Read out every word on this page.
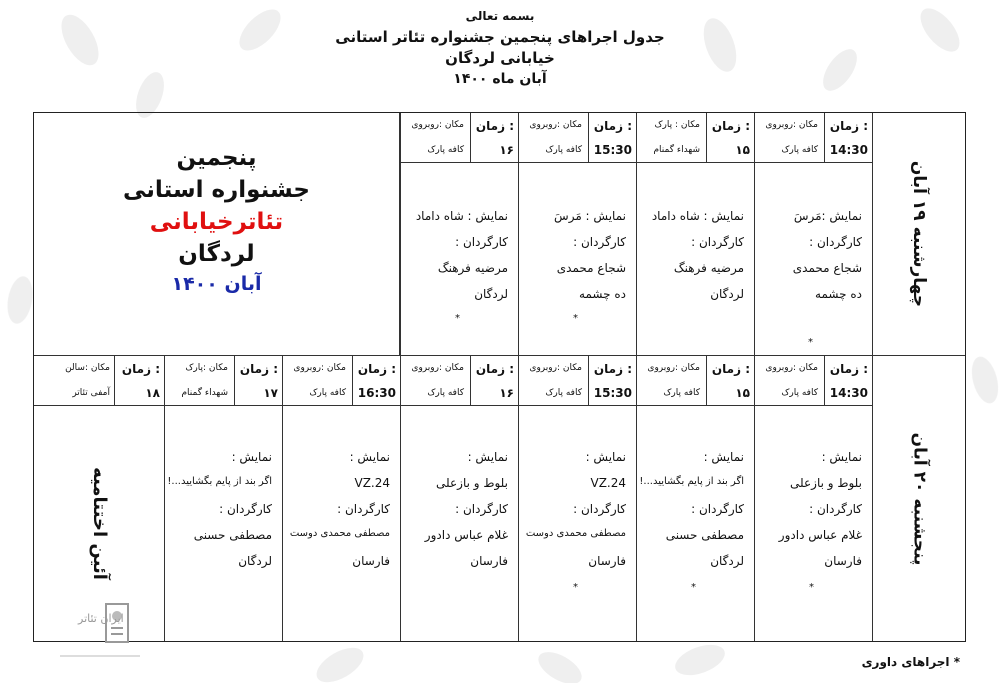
بسمه تعالی
جدول اجراهای پنجمین جشنواره تئاتر استانی
خیابانی لردگان
آبان ماه ۱۴۰۰
چهارشنبه ۱۹ آبان
پنجشنبه ۲۰ آبان
پنجمین
جشنواره استانی
تئاترخیابانی
لردگان
آبان ۱۴۰۰
زمان :
14:30
مکان :روبروی
کافه پارک
نمایش :مَرسَ
کارگردان :
شجاع محمدی
ده چشمه
زمان :
۱۵
مکان : پارک
شهداء گمنام
نمایش : شاه داماد
کارگردان :
مرضیه فرهنگ
لردگان
زمان :
15:30
مکان :روبروی
کافه پارک
نمایش : مَرسَ
کارگردان :
شجاع محمدی
ده چشمه
*
زمان :
۱۶
مکان :روبروی
کافه پارک
نمایش : شاه داماد
کارگردان :
مرضیه فرهنگ
لردگان
*
زمان :
14:30
مکان :روبروی
کافه پارک
نمایش :
بلوط و بازعلی
کارگردان :
غلام عباس دادور
فارسان
*
زمان :
۱۵
مکان :روبروی
کافه پارک
نمایش :
اگر بند از پایم بگشایید...!
کارگردان :
مصطفی حسنی
لردگان
*
زمان :
15:30
مکان :روبروی
کافه پارک
نمایش :
VZ.24
کارگردان :
مصطفی محمدی دوست
فارسان
*
زمان :
۱۶
مکان :روبروی
کافه پارک
نمایش :
بلوط و بازعلی
کارگردان :
غلام عباس دادور
فارسان
زمان :
16:30
مکان :روبروی
کافه پارک
نمایش :
VZ.24
کارگردان :
مصطفی محمدی دوست
فارسان
زمان :
۱۷
مکان :پارک
شهداء گمنام
نمایش :
اگر بند از پایم بگشایید...!
کارگردان :
مصطفی حسنی
لردگان
زمان :
۱۸
مکان :سالن
آمفی تئاتر
آئین اختتامیه
*
* اجراهای داوری
ایران تئاتر
